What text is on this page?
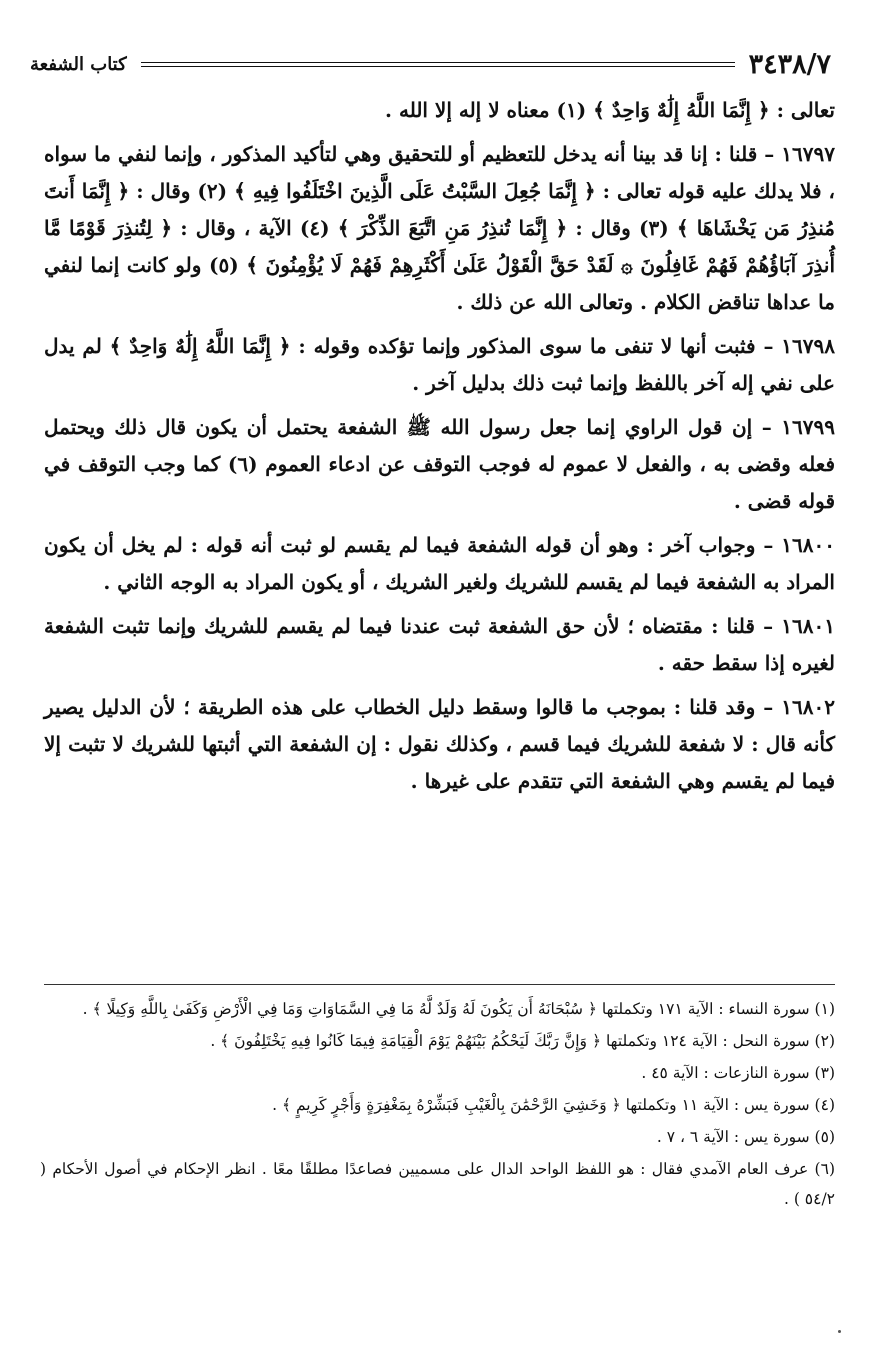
٣٤٣٨/٧
كتاب الشفعة

تعالى : ﴿ إِنَّمَا اللَّهُ إِلَٰهٌ وَاحِدٌ ﴾ (١) معناه لا إله إلا الله .

١٦٧٩٧ – قلنا : إنا قد بينا أنه يدخل للتعظيم أو للتحقيق وهي لتأكيد المذكور ، وإنما لنفي ما سواه ، فلا يدلك عليه قوله تعالى : ﴿ إِنَّمَا جُعِلَ السَّبْتُ عَلَى الَّذِينَ اخْتَلَفُوا فِيهِ ﴾ (٢) وقال : ﴿ إِنَّمَا أَنتَ مُنذِرُ مَن يَخْشَاهَا ﴾ (٣) وقال : ﴿ إِنَّمَا تُنذِرُ مَنِ اتَّبَعَ الذِّكْرَ ﴾ (٤) الآية ، وقال : ﴿ لِتُنذِرَ قَوْمًا مَّا أُنذِرَ آبَاؤُهُمْ فَهُمْ غَافِلُونَ ۞ لَقَدْ حَقَّ الْقَوْلُ عَلَىٰ أَكْثَرِهِمْ فَهُمْ لَا يُؤْمِنُونَ ﴾ (٥) ولو كانت إنما لنفي ما عداها تناقض الكلام . وتعالى الله عن ذلك .

١٦٧٩٨ – فثبت أنها لا تنفى ما سوى المذكور وإنما تؤكده وقوله : ﴿ إِنَّمَا اللَّهُ إِلَٰهٌ وَاحِدٌ ﴾ لم يدل على نفي إله آخر باللفظ وإنما ثبت ذلك بدليل آخر .

١٦٧٩٩ – إن قول الراوي إنما جعل رسول الله ﷺ الشفعة يحتمل أن يكون قال ذلك ويحتمل فعله وقضى به ، والفعل لا عموم له فوجب التوقف عن ادعاء العموم (٦) كما وجب التوقف في قوله قضى .

١٦٨٠٠ – وجواب آخر : وهو أن قوله الشفعة فيما لم يقسم لو ثبت أنه قوله : لم يخل أن يكون المراد به الشفعة فيما لم يقسم للشريك ولغير الشريك ، أو يكون المراد به الوجه الثاني .

١٦٨٠١ – قلنا : مقتضاه ؛ لأن حق الشفعة ثبت عندنا فيما لم يقسم للشريك وإنما تثبت الشفعة لغيره إذا سقط حقه .

١٦٨٠٢ – وقد قلنا : بموجب ما قالوا وسقط دليل الخطاب على هذه الطريقة ؛ لأن الدليل يصير كأنه قال : لا شفعة للشريك فيما قسم ، وكذلك نقول : إن الشفعة التي أثبتها للشريك لا تثبت إلا فيما لم يقسم وهي الشفعة التي تتقدم على غيرها .

(١) سورة النساء : الآية ١٧١ وتكملتها ﴿ سُبْحَانَهُ أَن يَكُونَ لَهُ وَلَدٌ لَّهُ مَا فِي السَّمَاوَاتِ وَمَا فِي الْأَرْضِ وَكَفَىٰ بِاللَّهِ وَكِيلًا ﴾ .

(٢) سورة النحل : الآية ١٢٤ وتكملتها ﴿ وَإِنَّ رَبَّكَ لَيَحْكُمُ بَيْنَهُمْ يَوْمَ الْقِيَامَةِ فِيمَا كَانُوا فِيهِ يَخْتَلِفُونَ ﴾ .

(٣) سورة النازعات : الآية ٤٥ .

(٤) سورة يس : الآية ١١ وتكملتها ﴿ وَخَشِيَ الرَّحْمَٰنَ بِالْغَيْبِ فَبَشِّرْهُ بِمَغْفِرَةٍ وَأَجْرٍ كَرِيمٍ ﴾ .

(٥) سورة يس : الآية ٦ ، ٧ .

(٦) عرف العام الآمدي فقال : هو اللفظ الواحد الدال على مسميين فصاعدًا مطلقًا معًا . انظر الإحكام في أصول الأحكام ( ٥٤/٢ ) .
